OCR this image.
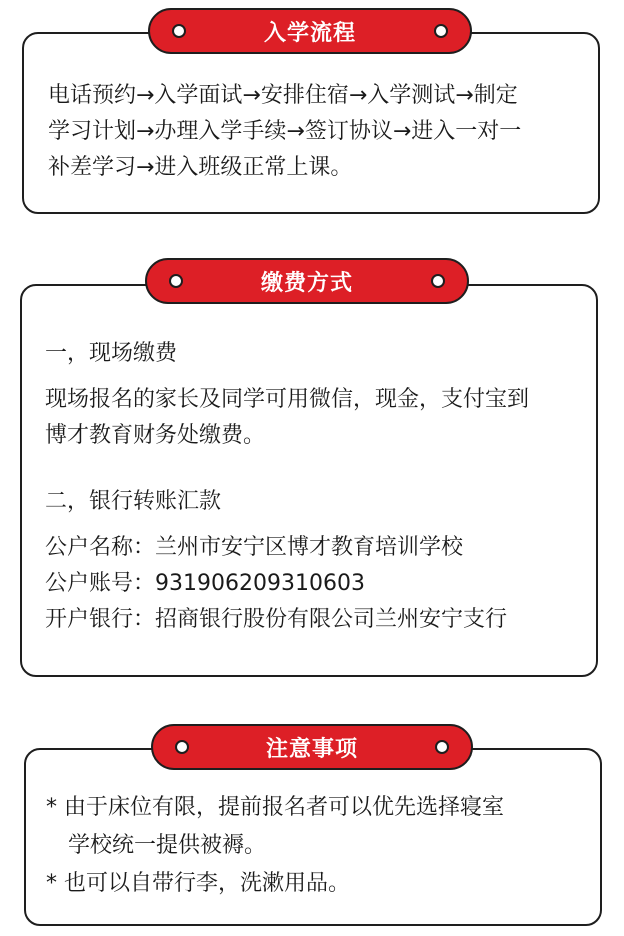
入学流程
电话预约→入学面试→安排住宿→入学测试→制定
学习计划→办理入学手续→签订协议→进入一对一
补差学习→进入班级正常上课。
缴费方式
一，现场缴费
现场报名的家长及同学可用微信，现金，支付宝到
博才教育财务处缴费。
二，银行转账汇款
公户名称：兰州市安宁区博才教育培训学校
公户账号：931906209310603
开户银行：招商银行股份有限公司兰州安宁支行
注意事项
* 由于床位有限，提前报名者可以优先选择寝室
学校统一提供被褥。
* 也可以自带行李，洗漱用品。
